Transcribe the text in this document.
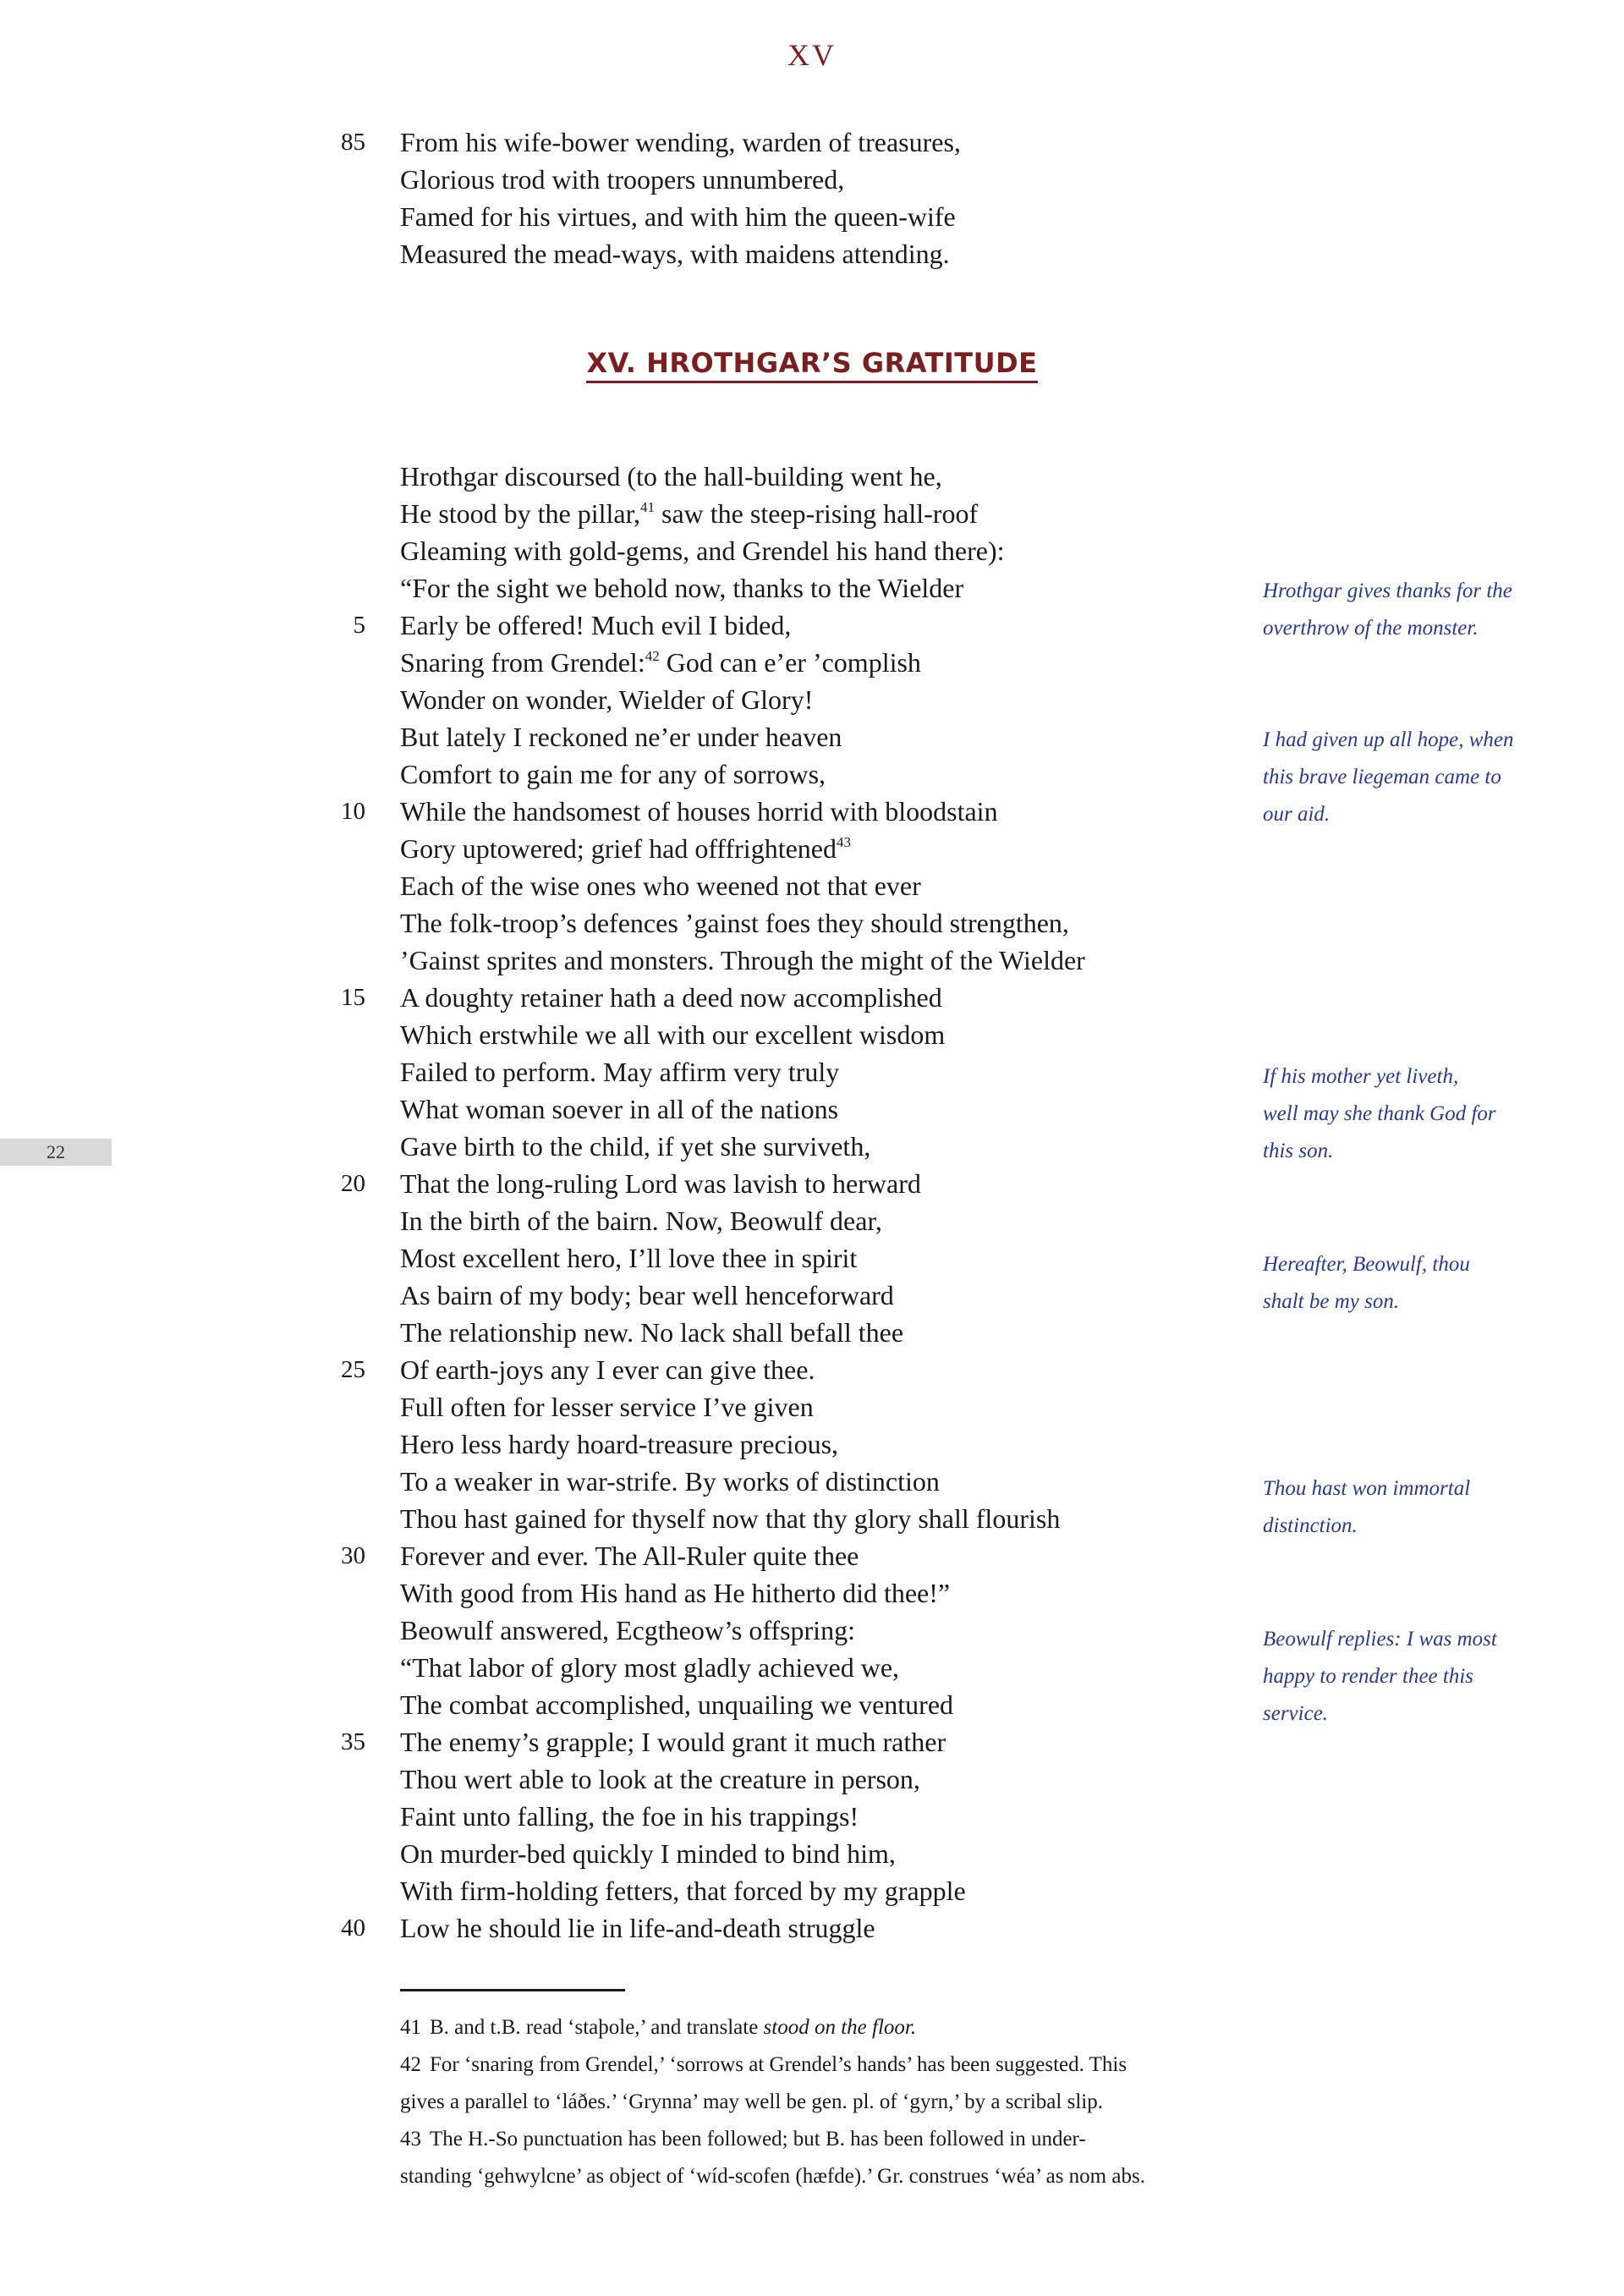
XV
85 From his wife-bower wending, warden of treasures,
Glorious trod with troopers unnumbered,
Famed for his virtues, and with him the queen-wife
Measured the mead-ways, with maidens attending.
XV. HROTHGAR’S GRATITUDE
Hrothgar discoursed (to the hall-building went he,
He stood by the pillar,$^{41}$ saw the steep-rising hall-roof
Gleaming with gold-gems, and Grendel his hand there):
“For the sight we behold now, thanks to the Wielder
5 Early be offered! Much evil I bided,
Snaring from Grendel:$^{42}$ God can e’er ’complish
Wonder on wonder, Wielder of Glory!
But lately I reckoned ne’er under heaven
Comfort to gain me for any of sorrows,
10 While the handsomest of houses horrid with bloodstain
Gory uptowered; grief had offfrightened$^{43}$
Each of the wise ones who weened not that ever
The folk-troop’s defences ’gainst foes they should strengthen,
’Gainst sprites and monsters. Through the might of the Wielder
15 A doughty retainer hath a deed now accomplished
Which erstwhile we all with our excellent wisdom
Failed to perform. May affirm very truly
What woman soever in all of the nations
Gave birth to the child, if yet she surviveth,
20 That the long-ruling Lord was lavish to herward
In the birth of the bairn. Now, Beowulf dear,
Most excellent hero, I’ll love thee in spirit
As bairn of my body; bear well henceforward
The relationship new. No lack shall befall thee
25 Of earth-joys any I ever can give thee.
Full often for lesser service I’ve given
Hero less hardy hoard-treasure precious,
To a weaker in war-strife. By works of distinction
Thou hast gained for thyself now that thy glory shall flourish
30 Forever and ever. The All-Ruler quite thee
With good from His hand as He hitherto did thee!”
Beowulf answered, Ecgtheow’s offspring:
“That labor of glory most gladly achieved we,
The combat accomplished, unquailing we ventured
35 The enemy’s grapple; I would grant it much rather
Thou wert able to look at the creature in person,
Faint unto falling, the foe in his trappings!
On murder-bed quickly I minded to bind him,
With firm-holding fetters, that forced by my grapple
40 Low he should lie in life-and-death struggle
Hrothgar gives thanks for the
overthrow of the monster.
I had given up all hope, when
this brave liegeman came to
our aid.
If his mother yet liveth,
well may she thank God for
this son.
Hereafter, Beowulf, thou
shalt be my son.
Thou hast won immortal
distinction.
Beowulf replies: I was most
happy to render thee this
service.
22
41 B. and t.B. read ‘staþole,’ and translate stood on the floor.
42 For ‘snaring from Grendel,’ ‘sorrows at Grendel’s hands’ has been suggested. This
gives a parallel to ‘láðes.’ ‘Grynna’ may well be gen. pl. of ‘gyrn,’ by a scribal slip.
43 The H.-So punctuation has been followed; but B. has been followed in under-
standing ‘gehwylcne’ as object of ‘wíd-scofen (hæfde).’ Gr. construes ‘wéa’ as nom abs.
